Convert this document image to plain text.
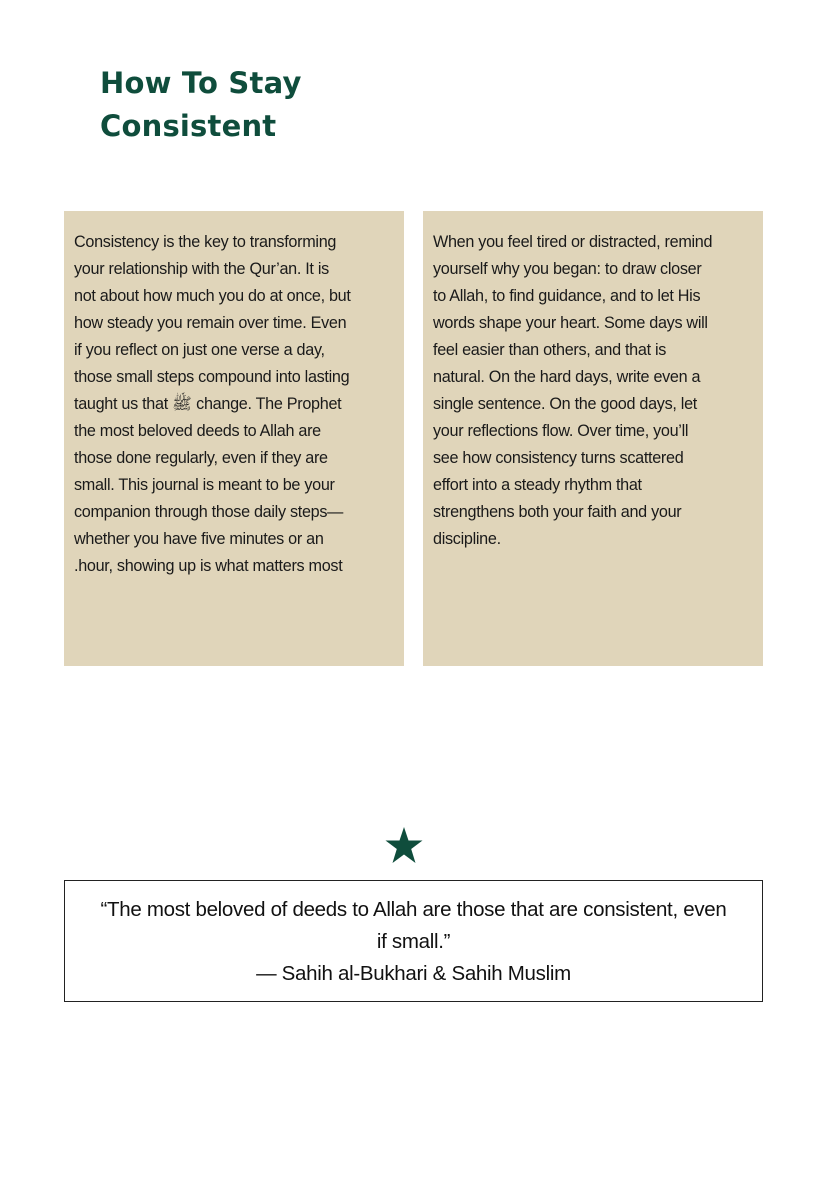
How To Stay
Consistent

Consistency is the key to transforming
your relationship with the Qur’an. It is
not about how much you do at once, but
how steady you remain over time. Even
if you reflect on just one verse a day,
those small steps compound into lasting
taught us that ﷺ change. The Prophet
the most beloved deeds to Allah are
those done regularly, even if they are
small. This journal is meant to be your
companion through those daily steps—
whether you have five minutes or an
.hour, showing up is what matters most

When you feel tired or distracted, remind
yourself why you began: to draw closer
to Allah, to find guidance, and to let His
words shape your heart. Some days will
feel easier than others, and that is
natural. On the hard days, write even a
single sentence. On the good days, let
your reflections flow. Over time, you’ll
see how consistency turns scattered
effort into a steady rhythm that
strengthens both your faith and your
discipline.

“The most beloved of deeds to Allah are those that are consistent, even
if small.”
— Sahih al-Bukhari & Sahih Muslim
